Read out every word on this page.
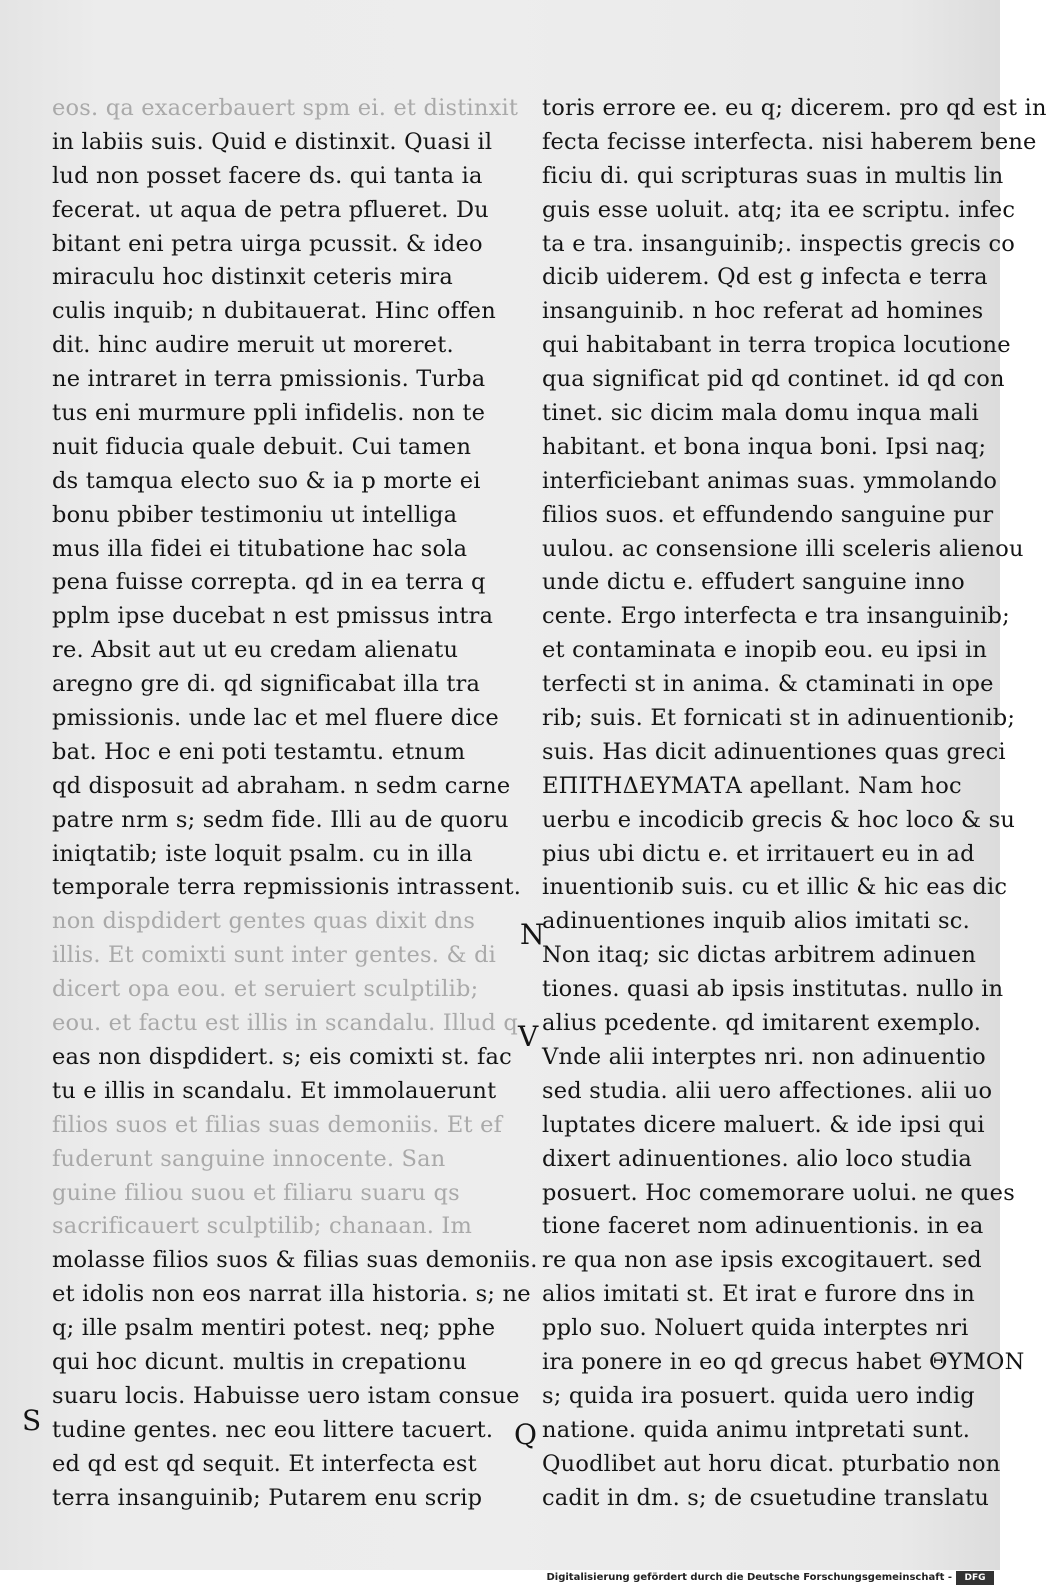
eos. qa exacerbauert spm ei. et distinxit
in labiis suis. Quid e distinxit. Quasi il
lud non posset facere ds. qui tanta ia
fecerat. ut aqua de petra pflueret. Du
bitant eni petra uirga pcussit. & ideo
miraculu hoc distinxit ceteris mira
culis inquib; n dubitauerat. Hinc offen
dit. hinc audire meruit ut moreret.
ne intraret in terra pmissionis. Turba
tus eni murmure ppli infidelis. non te
nuit fiducia quale debuit. Cui tamen
ds tamqua electo suo & ia p morte ei
bonu pbiber testimoniu ut intelliga
mus illa fidei ei titubatione hac sola
pena fuisse correpta. qd in ea terra q
pplm ipse ducebat n est pmissus intra
re. Absit aut ut eu credam alienatu
aregno gre di. qd significabat illa tra
pmissionis. unde lac et mel fluere dice
bat. Hoc e eni poti testamtu. etnum
qd disposuit ad abraham. n sedm carne
patre nrm s; sedm fide. Illi au de quoru
iniqtatib; iste loquit psalm. cu in illa
temporale terra repmissionis intrassent.
non dispdidert gentes quas dixit dns
illis. Et comixti sunt inter gentes. & di
dicert opa eou. et seruiert sculptilib;
eou. et factu est illis in scandalu. Illud q
eas non dispdidert. s; eis comixti st. fac
tu e illis in scandalu. Et immolauerunt
filios suos et filias suas demoniis. Et ef
fuderunt sanguine innocente. San
guine filiou suou et filiaru suaru qs
sacrificauert sculptilib; chanaan. Im
molasse filios suos & filias suas demoniis.
et idolis non eos narrat illa historia. s; ne
q; ille psalm mentiri potest. neq; pphe
qui hoc dicunt. multis in crepationu
suaru locis. Habuisse uero istam consue
tudine gentes. nec eou littere tacuert.
ed qd est qd sequit. Et interfecta est
terra insanguinib; Putarem enu scrip
toris errore ee. eu q; dicerem. pro qd est in
fecta fecisse interfecta. nisi haberem bene
ficiu di. qui scripturas suas in multis lin
guis esse uoluit. atq; ita ee scriptu. infec
ta e tra. insanguinib;. inspectis grecis co
dicib uiderem. Qd est g infecta e terra
insanguinib. n hoc referat ad homines
qui habitabant in terra tropica locutione
qua significat pid qd continet. id qd con
tinet. sic dicim mala domu inqua mali
habitant. et bona inqua boni. Ipsi naq;
interficiebant animas suas. ymmolando
filios suos. et effundendo sanguine pur
uulou. ac consensione illi sceleris alienou
unde dictu e. effudert sanguine inno
cente. Ergo interfecta e tra insanguinib;
et contaminata e inopib eou. eu ipsi in
terfecti st in anima. & ctaminati in ope
rib; suis. Et fornicati st in adinuentionib;
suis. Has dicit adinuentiones quas greci
ΕΠΙΤΗΔΕΥΜΑΤΑ apellant. Nam hoc
uerbu e incodicib grecis & hoc loco & su
pius ubi dictu e. et irritauert eu in ad
inuentionib suis. cu et illic & hic eas dic
adinuentiones inquib alios imitati sc.
Non itaq; sic dictas arbitrem adinuen
tiones. quasi ab ipsis institutas. nullo in
alius pcedente. qd imitarent exemplo.
Vnde alii interptes nri. non adinuentio
sed studia. alii uero affectiones. alii uo
luptates dicere maluert. & ide ipsi qui
dixert adinuentiones. alio loco studia
posuert. Hoc comemorare uolui. ne ques
tione faceret nom adinuentionis. in ea
re qua non ase ipsis excogitauert. sed
alios imitati st. Et irat e furore dns in
pplo suo. Noluert quida interptes nri
ira ponere in eo qd grecus habet ΘΥΜΟΝ
s; quida ira posuert. quida uero indig
natione. quida animu intpretati sunt.
Quodlibet aut horu dicat. pturbatio non
cadit in dm. s; de csuetudine translatu
S
N
V
Q
Digitalisierung gefördert durch die Deutsche Forschungsgemeinschaft -	DFG
